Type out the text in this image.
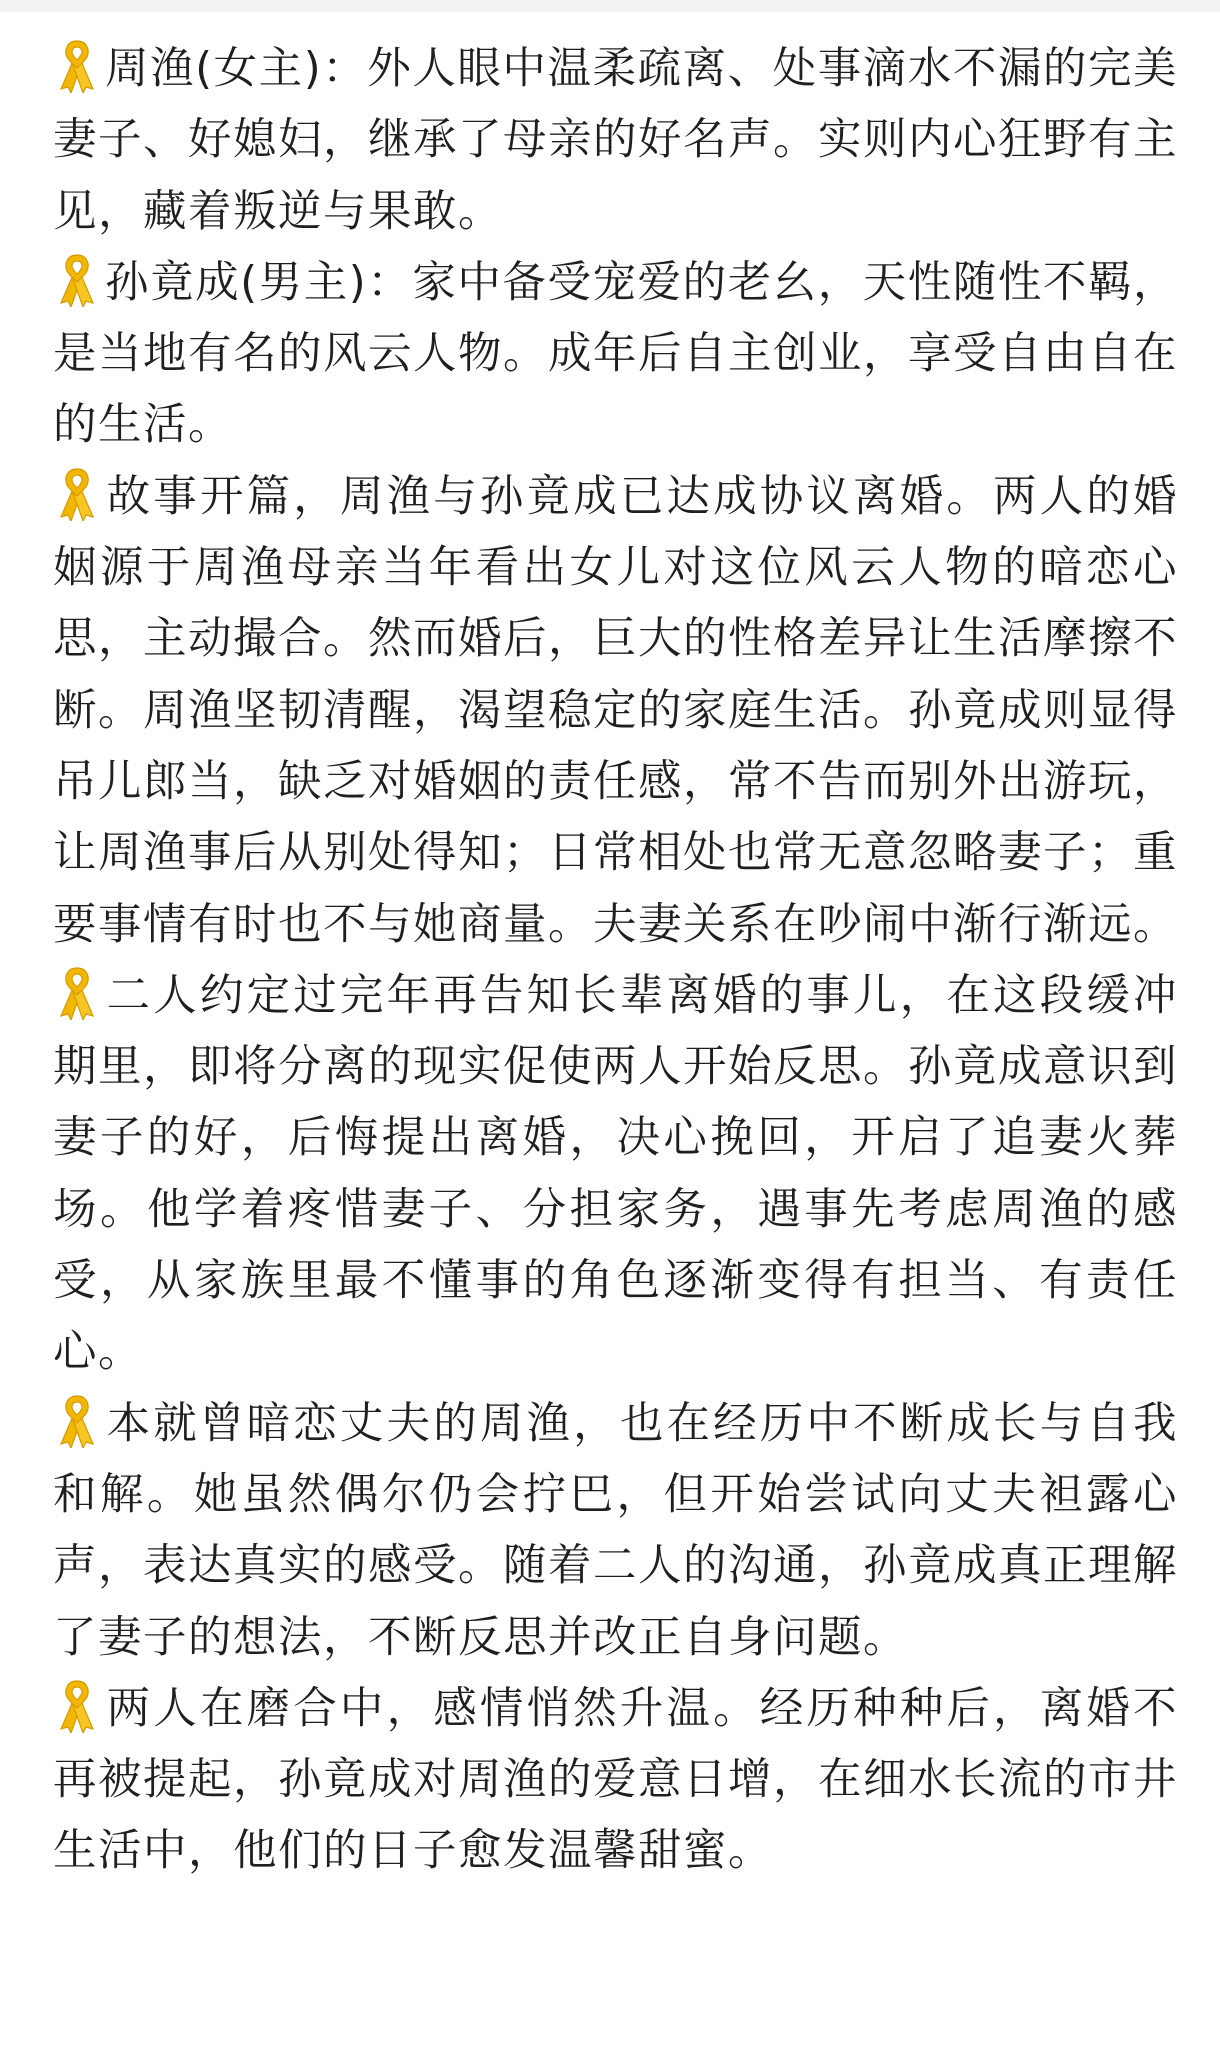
周渔(女主)：外人眼中温柔疏离、处事滴水不漏的完美妻子、好媳妇，继承了母亲的好名声。实则内心狂野有主见，藏着叛逆与果敢。

孙竟成(男主)：家中备受宠爱的老幺，天性随性不羁，是当地有名的风云人物。成年后自主创业，享受自由自在的生活。

故事开篇，周渔与孙竟成已达成协议离婚。两人的婚姻源于周渔母亲当年看出女儿对这位风云人物的暗恋心思，主动撮合。然而婚后，巨大的性格差异让生活摩擦不断。周渔坚韧清醒，渴望稳定的家庭生活。孙竟成则显得吊儿郎当，缺乏对婚姻的责任感，常不告而别外出游玩，让周渔事后从别处得知；日常相处也常无意忽略妻子；重要事情有时也不与她商量。夫妻关系在吵闹中渐行渐远。

二人约定过完年再告知长辈离婚的事儿，在这段缓冲期里，即将分离的现实促使两人开始反思。孙竟成意识到妻子的好，后悔提出离婚，决心挽回，开启了追妻火葬场。他学着疼惜妻子、分担家务，遇事先考虑周渔的感受，从家族里最不懂事的角色逐渐变得有担当、有责任心。

本就曾暗恋丈夫的周渔，也在经历中不断成长与自我和解。她虽然偶尔仍会拧巴，但开始尝试向丈夫袒露心声，表达真实的感受。随着二人的沟通，孙竟成真正理解了妻子的想法，不断反思并改正自身问题。

两人在磨合中，感情悄然升温。经历种种后，离婚不再被提起，孙竟成对周渔的爱意日增，在细水长流的市井生活中，他们的日子愈发温馨甜蜜。
